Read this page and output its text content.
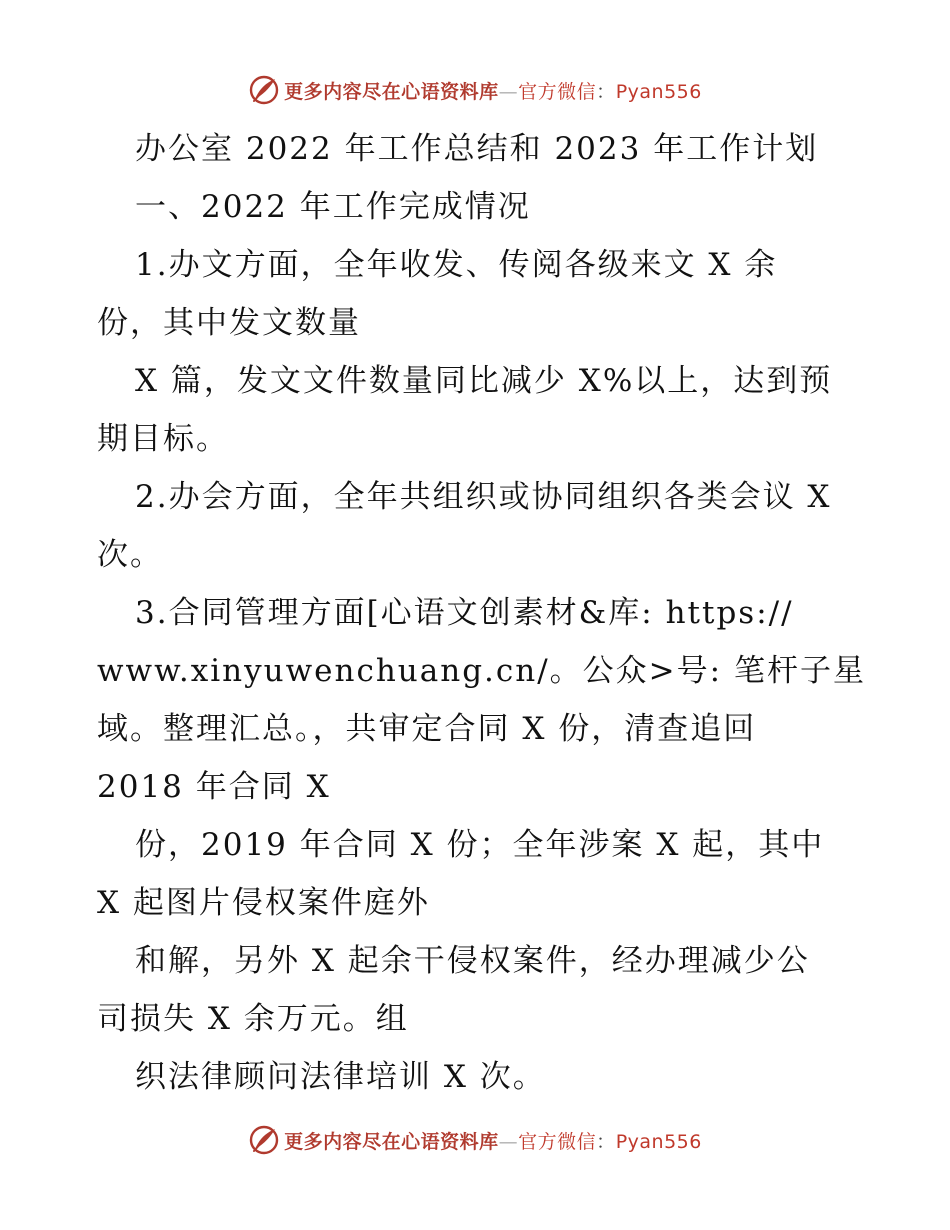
更多内容尽在心语资料库—官方微信：Pyan556
办公室 2022 年工作总结和 2023 年工作计划
一、2022 年工作完成情况
1.办文方面，全年收发、传阅各级来文 X 余
份，其中发文数量
X 篇，发文文件数量同比减少 X%以上，达到预
期目标。
2.办会方面，全年共组织或协同组织各类会议 X
次。
3.合同管理方面[心语文创素材&库: https://
www.xinyuwenchuang.cn/。公众>号: 笔杆子星
域。整理汇总。，共审定合同 X 份，清查追回
2018 年合同 X
份，2019 年合同 X 份；全年涉案 X 起，其中
X 起图片侵权案件庭外
和解，另外 X 起余干侵权案件，经办理减少公
司损失 X 余万元。组
织法律顾问法律培训 X 次。
更多内容尽在心语资料库—官方微信：Pyan556
